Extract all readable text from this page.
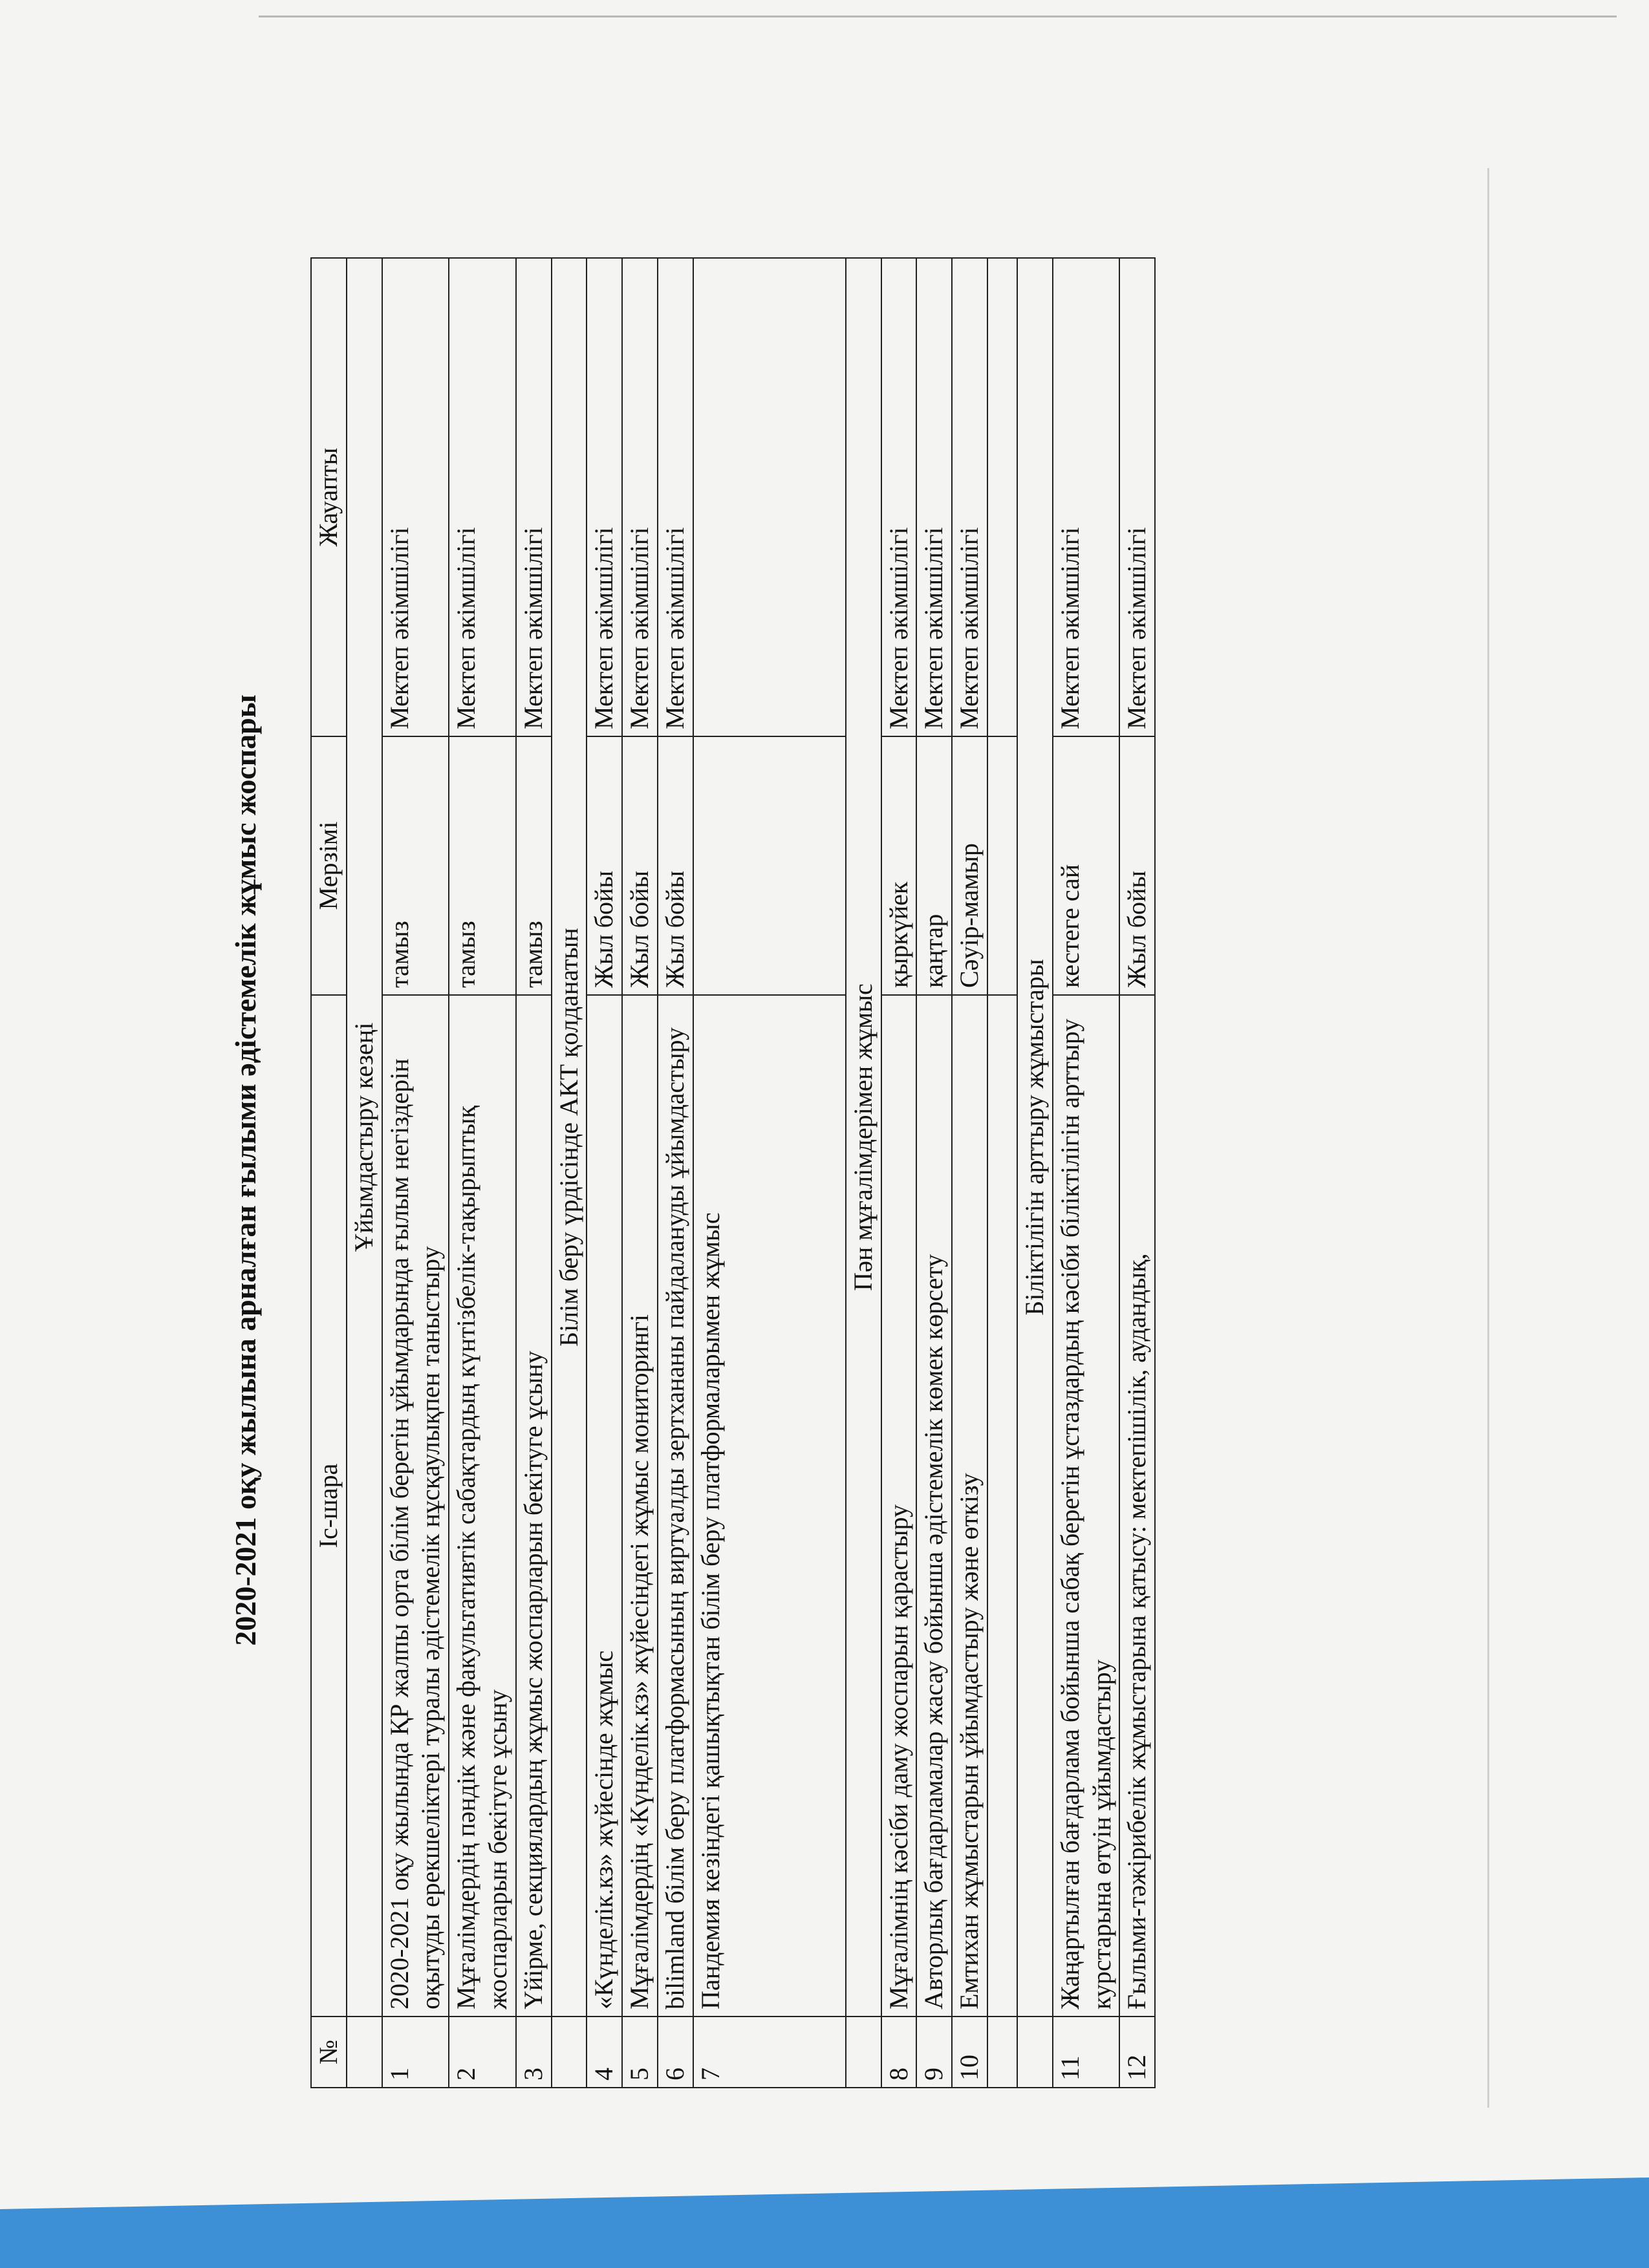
2020-2021 оқу жылына арналған ғылыми әдістемелік жұмыс жоспары
№	Іс-шара	Мерзімі	Жауапты
	Ұйымдастыру кезеңі		
1	2020-2021 оқу жылында ҚР жалпы орта білім беретін ұйымдарында ғылым негіздерін оқытуды ерекшеліктері туралы әдістемелік нұсқаулықпен таныстыру	тамыз	Мектеп әкімшілігі
2	Мұғалімдердің пәндік және факультативтік сабақтардың күнтізбелік-тақырыптық жоспарларын бекітуге ұсыну	тамыз	Мектеп әкімшілігі
3	Үйірме, секциялардың жұмыс жоспарларын бекітуге ұсыну	тамыз	Мектеп әкімшілігі
	Білім беру үрдісінде АКТ қолданатын		
4	«Күнделік.кз» жүйесінде жұмыс	Жыл бойы	Мектеп әкімшілігі
5	Мұғалімдердің «Күнделік.кз» жүйесіндегі жұмыс мониторингі	Жыл бойы	Мектеп әкімшілігі
6	bilimland білім беру платформасының виртуалды зертхананы пайдалануды ұйымдастыру	Жыл бойы	Мектеп әкімшілігі
7	Пандемия кезіндегі қашықтықтан білім беру платформаларымен жұмыс		
	Пән мұғалімдерімен жұмыс		
8	Мұғалімнің кәсіби даму жоспарын қарастыру	қыркүйек	Мектеп әкімшілігі
9	Авторлық бағдарламалар жасау бойынша әдістемелік көмек көрсету	қаңтар	Мектеп әкімшілігі
10	Емтихан жұмыстарын ұйымдастыру және өткізу	Сәуір-мамыр	Мектеп әкімшілігі

	Біліктілігін арттыру жұмыстары		
11	Жаңартылған бағдарлама бойынша сабақ беретін ұстаздардың кәсіби біліктілігін арттыру курстарына өтуін ұйымдастыру	кестеге сай	Мектеп әкімшілігі
12	Ғылыми-тәжірибелік жұмыстарына қатысу: мектепішілік, аудандық,	Жыл бойы	Мектеп әкімшілігі
